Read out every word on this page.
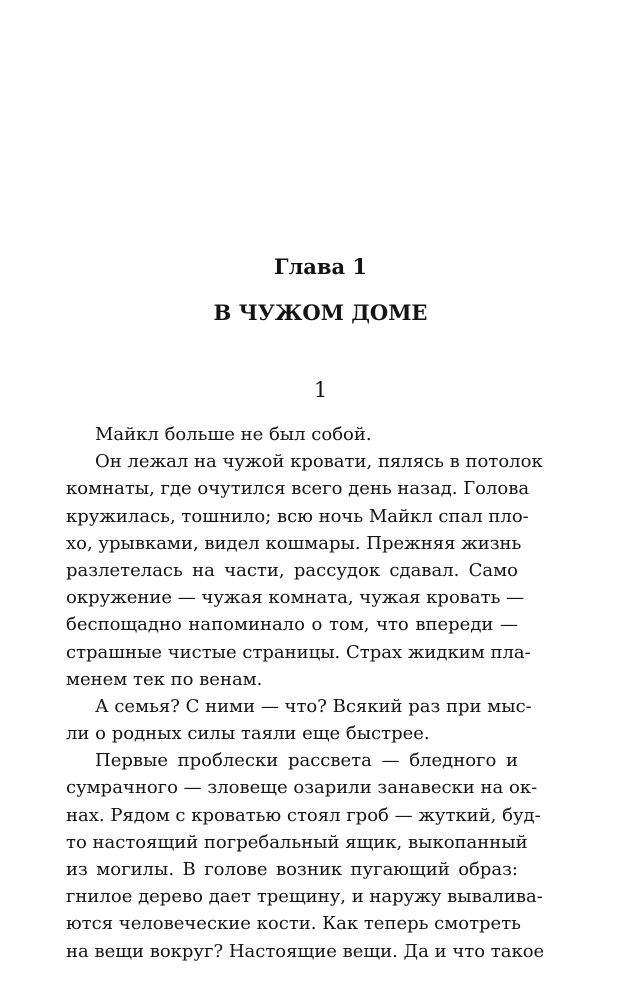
Глава 1
В ЧУЖОМ ДОМЕ
1
Майкл больше не был собой.
Он лежал на чужой кровати, пялясь в потолок
комнаты, где очутился всего день назад. Голова
кружилась, тошнило; всю ночь Майкл спал пло-
хо, урывками, видел кошмары. Прежняя жизнь
разлетелась на части, рассудок сдавал. Само
окружение — чужая комната, чужая кровать —
беспощадно напоминало о том, что впереди —
страшные чистые страницы. Страх жидким пла-
менем тек по венам.
А семья? С ними — что? Всякий раз при мыс-
ли о родных силы таяли еще быстрее.
Первые проблески рассвета — бледного и
сумрачного — зловеще озарили занавески на ок-
нах. Рядом с кроватью стоял гроб — жуткий, буд-
то настоящий погребальный ящик, выкопанный
из могилы. В голове возник пугающий образ:
гнилое дерево дает трещину, и наружу вывалива-
ются человеческие кости. Как теперь смотреть
на вещи вокруг? Настоящие вещи. Да и что такое
